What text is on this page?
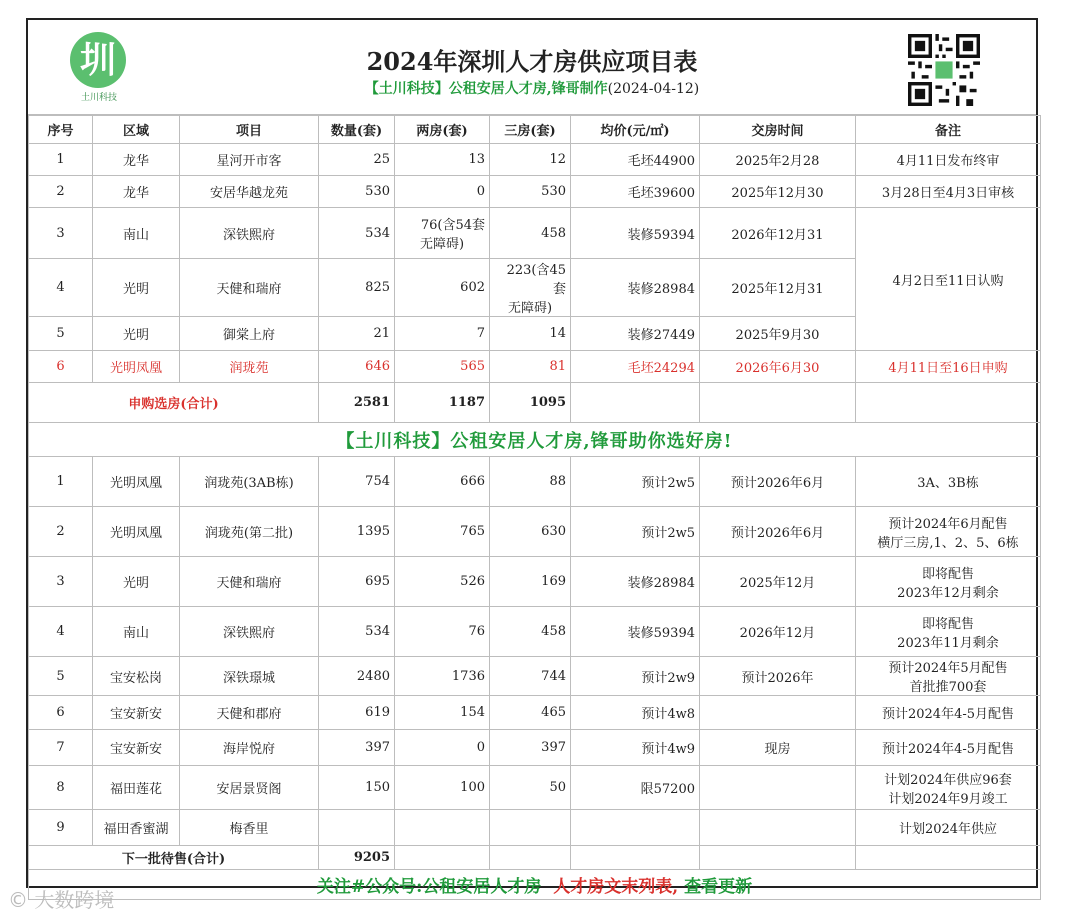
圳
土川科技
2024年深圳人才房供应项目表
【土川科技】公租安居人才房,锋哥制作(2024-04-12)
序号	区域	项目	数量(套)	两房(套)	三房(套)	均价(元/㎡)	交房时间	备注
1	龙华	星河开市客	25	13	12	毛坯44900	2025年2月28	4月11日发布终审
2	龙华	安居华越龙苑	530	0	530	毛坯39600	2025年12月30	3月28日至4月3日审核
3	南山	深铁熙府	534	76(含54套
无障碍)	458	装修59394	2026年12月31	4月2日至11日认购
4	光明	天健和瑞府	825	602	223(含45套
无障碍)	装修28984	2025年12月31	
5	光明	御棠上府	21	7	14	装修27449	2025年9月30	
6	光明凤凰	润珑苑	646	565	81	毛坯24294	2026年6月30	4月11日至16日申购
申购选房(合计)			2581	1187	1095			
【土川科技】公租安居人才房,锋哥助你选好房!								
1	光明凤凰	润珑苑(3AB栋)	754	666	88	预计2w5	预计2026年6月	3A、3B栋

2	光明凤凰	润珑苑(第二批)	1395	765	630	预计2w5	预计2026年6月	预计2024年6月配售
横厅三房,1、2、5、6栋

3	光明	天健和瑞府	695	526	169	装修28984	2025年12月	即将配售
2023年12月剩余

4	南山	深铁熙府	534	76	458	装修59394	2026年12月	即将配售
2023年11月剩余

5	宝安松岗	深铁璟城	2480	1736	744	预计2w9	预计2026年	预计2024年5月配售
首批推700套

6	宝安新安	天健和郡府	619	154	465	预计4w8		预计2024年4-5月配售
7	宝安新安	海岸悦府	397	0	397	预计4w9	现房	预计2024年4-5月配售
8	福田莲花	安居景贤阁	150	100	50	限57200		计划2024年供应96套
计划2024年9月竣工

9	福田香蜜湖	梅香里						计划2024年供应
下一批待售(合计)			9205					
关注#公众号:公租安居人才房 人才房文末列表, 查看更新								
© 大数跨境
